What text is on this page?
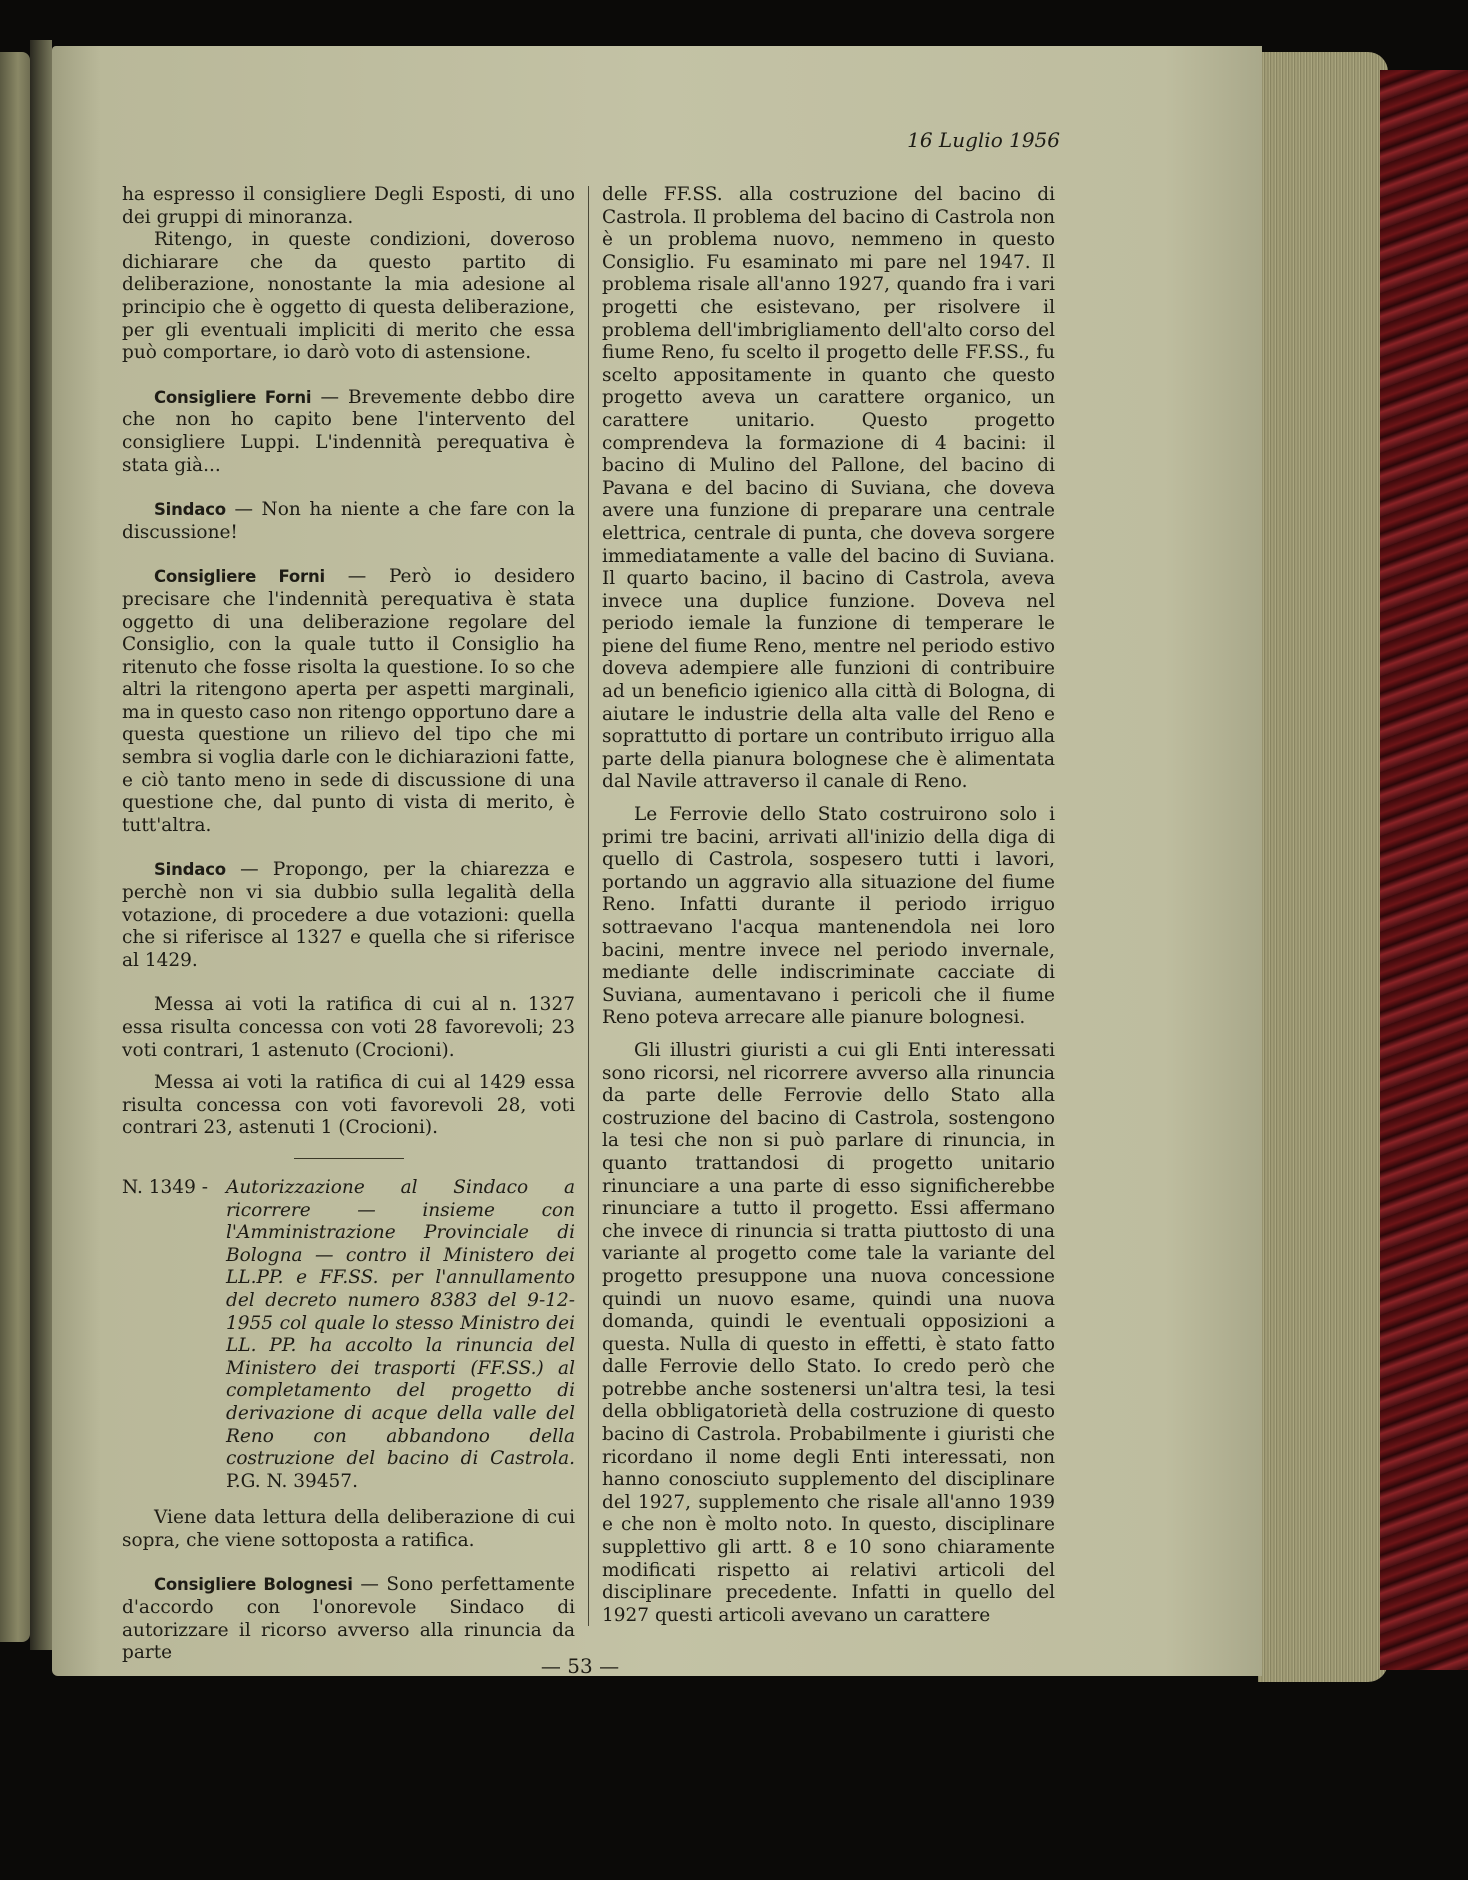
16 Luglio 1956

ha espresso il consigliere Degli Esposti, di uno dei gruppi di minoranza.

Ritengo, in queste condizioni, doveroso dichiarare che da questo partito di deliberazione, nonostante la mia adesione al principio che è oggetto di questa deliberazione, per gli eventuali impliciti di merito che essa può comportare, io darò voto di astensione.

Consigliere Forni — Brevemente debbo dire che non ho capito bene l'intervento del consigliere Luppi. L'indennità perequativa è stata già...

Sindaco — Non ha niente a che fare con la discussione!

Consigliere Forni — Però io desidero precisare che l'indennità perequativa è stata oggetto di una deliberazione regolare del Consiglio, con la quale tutto il Consiglio ha ritenuto che fosse risolta la questione. Io so che altri la ritengono aperta per aspetti marginali, ma in questo caso non ritengo opportuno dare a questa questione un rilievo del tipo che mi sembra si voglia darle con le dichiarazioni fatte, e ciò tanto meno in sede di discussione di una questione che, dal punto di vista di merito, è tutt'altra.

Sindaco — Propongo, per la chiarezza e perchè non vi sia dubbio sulla legalità della votazione, di procedere a due votazioni: quella che si riferisce al 1327 e quella che si riferisce al 1429.

Messa ai voti la ratifica di cui al n. 1327 essa risulta concessa con voti 28 favorevoli; 23 voti contrari, 1 astenuto (Crocioni).

Messa ai voti la ratifica di cui al 1429 essa risulta concessa con voti favorevoli 28, voti contrari 23, astenuti 1 (Crocioni).

N. 1349 - Autorizzazione al Sindaco a ricorrere — insieme con l'Amministrazione Provinciale di Bologna — contro il Ministero dei LL.PP. e FF.SS. per l'annullamento del decreto numero 8383 del 9-12-1955 col quale lo stesso Ministro dei LL. PP. ha accolto la rinuncia del Ministero dei trasporti (FF.SS.) al completamento del progetto di derivazione di acque della valle del Reno con abbandono della costruzione del bacino di Castrola. P.G. N. 39457.

Viene data lettura della deliberazione di cui sopra, che viene sottoposta a ratifica.

Consigliere Bolognesi — Sono perfettamente d'accordo con l'onorevole Sindaco di autorizzare il ricorso avverso alla rinuncia da parte

delle FF.SS. alla costruzione del bacino di Castrola. Il problema del bacino di Castrola non è un problema nuovo, nemmeno in questo Consiglio. Fu esaminato mi pare nel 1947. Il problema risale all'anno 1927, quando fra i vari progetti che esistevano, per risolvere il problema dell'imbrigliamento dell'alto corso del fiume Reno, fu scelto il progetto delle FF.SS., fu scelto appositamente in quanto che questo progetto aveva un carattere organico, un carattere unitario. Questo progetto comprendeva la formazione di 4 bacini: il bacino di Mulino del Pallone, del bacino di Pavana e del bacino di Suviana, che doveva avere una funzione di preparare una centrale elettrica, centrale di punta, che doveva sorgere immediatamente a valle del bacino di Suviana. Il quarto bacino, il bacino di Castrola, aveva invece una duplice funzione. Doveva nel periodo iemale la funzione di temperare le piene del fiume Reno, mentre nel periodo estivo doveva adempiere alle funzioni di contribuire ad un beneficio igienico alla città di Bologna, di aiutare le industrie della alta valle del Reno e soprattutto di portare un contributo irriguo alla parte della pianura bolognese che è alimentata dal Navile attraverso il canale di Reno.

Le Ferrovie dello Stato costruirono solo i primi tre bacini, arrivati all'inizio della diga di quello di Castrola, sospesero tutti i lavori, portando un aggravio alla situazione del fiume Reno. Infatti durante il periodo irriguo sottraevano l'acqua mantenendola nei loro bacini, mentre invece nel periodo invernale, mediante delle indiscriminate cacciate di Suviana, aumentavano i pericoli che il fiume Reno poteva arrecare alle pianure bolognesi.

Gli illustri giuristi a cui gli Enti interessati sono ricorsi, nel ricorrere avverso alla rinuncia da parte delle Ferrovie dello Stato alla costruzione del bacino di Castrola, sostengono la tesi che non si può parlare di rinuncia, in quanto trattandosi di progetto unitario rinunciare a una parte di esso significherebbe rinunciare a tutto il progetto. Essi affermano che invece di rinuncia si tratta piuttosto di una variante al progetto come tale la variante del progetto presuppone una nuova concessione quindi un nuovo esame, quindi una nuova domanda, quindi le eventuali opposizioni a questa. Nulla di questo in effetti, è stato fatto dalle Ferrovie dello Stato. Io credo però che potrebbe anche sostenersi un'altra tesi, la tesi della obbligatorietà della costruzione di questo bacino di Castrola. Probabilmente i giuristi che ricordano il nome degli Enti interessati, non hanno conosciuto supplemento del disciplinare del 1927, supplemento che risale all'anno 1939 e che non è molto noto. In questo, disciplinare supplettivo gli artt. 8 e 10 sono chiaramente modificati rispetto ai relativi articoli del disciplinare precedente. Infatti in quello del 1927 questi articoli avevano un carattere

— 53 —
